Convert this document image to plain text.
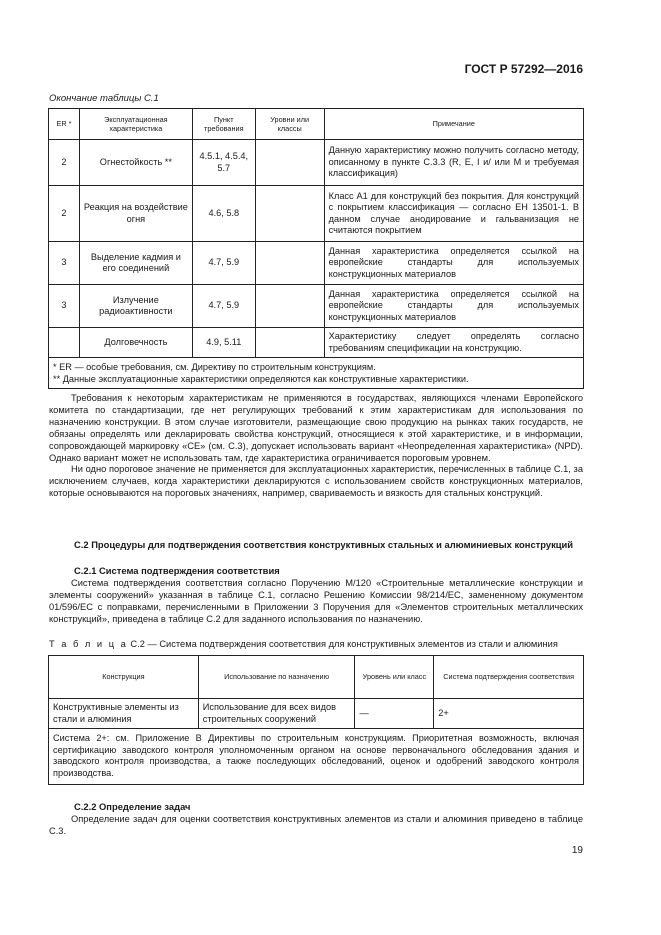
ГОСТ Р 57292—2016
Окончание таблицы С.1
ER *	Эксплуатационная характеристика	Пункт требования	Уровни или классы	Примечание
2	Огнестойкость **	4.5.1, 4.5.4, 5.7		Данную характеристику можно получить согласно методу, описанному в пункте С.3.3 (R, E, I и/ или M и требуемая классификация)
2	Реакция на воздействие огня	4.6, 5.8		Класс А1 для конструкций без покрытия. Для конструкций с покрытием классификация — согласно ЕН 13501-1. В данном случае анодирование и гальванизация не считаются покрытием
3	Выделение кадмия и его соединений	4.7, 5.9		Данная характеристика определяется ссылкой на европейские стандарты для используемых конструкционных материалов
3	Излучение радиоактивности	4.7, 5.9		Данная характеристика определяется ссылкой на европейские стандарты для используемых конструкционных материалов
	Долговечность	4.9, 5.11		Характеристику следует определять согласно требованиям спецификации на конструкцию.

* ER — особые требования, см. Директиву по строительным конструкциям.
** Данные эксплуатационные характеристики определяются как конструктивные характеристики.				

Требования к некоторым характеристикам не применяются в государствах, являющихся членами Европейского комитета по стандартизации, где нет регулирующих требований к этим характеристикам для использования по назначению конструкции. В этом случае изготовители, размещающие свою продукцию на рынках таких государств, не обязаны определять или декларировать свойства конструкций, относящиеся к этой характеристике, и в информации, сопровождающей маркировку «СЕ» (см. С.3), допускает использовать вариант «Неопределенная характеристика» (NPD). Однако вариант может не использовать там, где характеристика ограничивается пороговым уровнем.

Ни одно пороговое значение не применяется для эксплуатационных характеристик, перечисленных в таблице С.1, за исключением случаев, когда характеристики декларируются с использованием свойств конструкционных материалов, которые основываются на пороговых значениях, например, свариваемость и вязкость для стальных конструкций.

С.2 Процедуры для подтверждения соответствия конструктивных стальных и алюминиевых конструкций
С.2.1 Система подтверждения соответствия

Система подтверждения соответствия согласно Поручению М/120 «Строительные металлические конструкции и элементы сооружений» указанная в таблице С.1, согласно Решению Комиссии 98/214/ЕС, замененному документом 01/596/ЕС с поправками, перечисленными в Приложении 3 Поручения для «Элементов строительных металлических конструкций», приведена в таблице С.2 для заданного использования по назначению.

Т а б л и ц а С.2 — Система подтверждения соответствия для конструктивных элементов из стали и алюминия
Конструкция	Использование по назначению	Уровень или класс	Система подтверждения соответствия
Конструктивные элементы из стали и алюминия	Использование для всех видов строительных сооружений	—	2+
Система 2+: см. Приложение В Директивы по строительным конструкциям. Приоритетная возможность, включая сертификацию заводского контроля уполномоченным органом на основе первоначального обследования здания и заводского контроля производства, а также последующих обследований, оценок и одобрений заводского контроля производства.			
С.2.2 Определение задач

Определение задач для оценки соответствия конструктивных элементов из стали и алюминия приведено в таблице С.3.

19
